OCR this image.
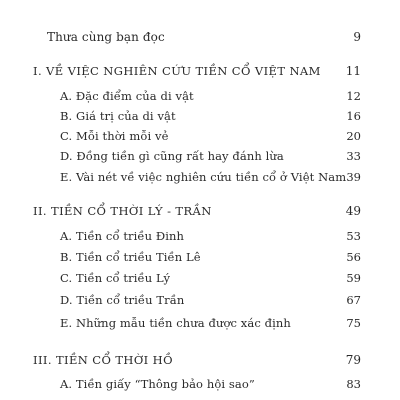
Thưa cùng bạn đọc	9
I. VỀ VIỆC NGHIÊN CỨU TIỀN CỔ VIỆT NAM 11
A. Đặc điểm của di vật	12
B. Giá trị của di vật	16
C. Mỗi thời mỗi vẻ	20
D. Đồng tiền gì cũng rất hay đánh lừa	33
E. Vài nét về việc nghiên cứu tiền cổ ở Việt Nam 39
II. TIỀN CỔ THỜI LÝ - TRẦN	49
A. Tiền cổ triều Đinh	53
B. Tiền cổ triều Tiền Lê	56
C. Tiền cổ triều Lý	59
D. Tiền cổ triều Trần	67
E. Những mẫu tiền chưa được xác định	75
III. TIỀN CỔ THỜI HỒ	79
A. Tiền giấy “Thông bảo hội sao”	83
